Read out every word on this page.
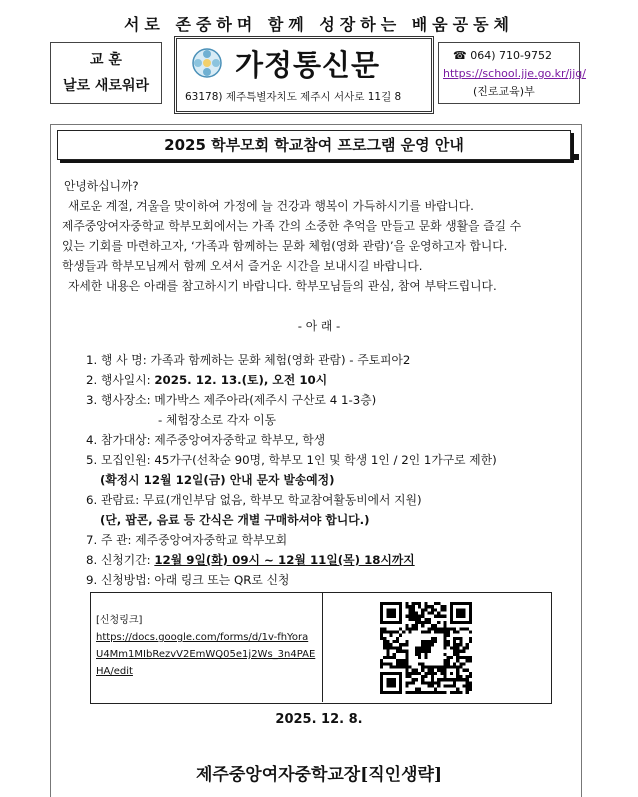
서로 존중하며 함께 성장하는 배움공동체
교 훈
날로 새로워라
가정통신문
63178) 제주특별자치도 제주시 서사로 11길 8
☎ 064) 710-9752
https://school.jje.go.kr/jjg/
(진로교육)부
2025 학부모회 학교참여 프로그램 운영 안내
안녕하십니까?
새로운 계절, 겨울을 맞이하여 가정에 늘 건강과 행복이 가득하시기를 바랍니다.
제주중앙여자중학교 학부모회에서는 가족 간의 소중한 추억을 만들고 문화 생활을 즐길 수
있는 기회를 마련하고자, ‘가족과 함께하는 문화 체험(영화 관람)’을 운영하고자 합니다.
학생들과 학부모님께서 함께 오셔서 즐거운 시간을 보내시길 바랍니다.
자세한 내용은 아래를 참고하시기 바랍니다. 학부모님들의 관심, 참여 부탁드립니다.
- 아 래 -
1. 행 사 명: 가족과 함께하는 문화 체험(영화 관람) - 주토피아2
2. 행사일시: 2025. 12. 13.(토), 오전 10시
3. 행사장소: 메가박스 제주아라(제주시 구산로 4 1-3층)
- 체험장소로 각자 이동
4. 참가대상: 제주중앙여자중학교 학부모, 학생
5. 모집인원: 45가구(선착순 90명, 학부모 1인 및 학생 1인 / 2인 1가구로 제한)
(확정시 12월 12일(금) 안내 문자 발송예정)
6. 관람료: 무료(개인부담 없음, 학부모 학교참여활동비에서 지원)
(단, 팝콘, 음료 등 간식은 개별 구매하셔야 합니다.)
7. 주 관: 제주중앙여자중학교 학부모회
8. 신청기간: 12월 9일(화) 09시 ~ 12월 11일(목) 18시까지
9. 신청방법: 아래 링크 또는 QR로 신청
[신청링크]
https://docs.google.com/forms/d/1v-fhYora
U4Mm1MIbRezvV2EmWQ05e1j2Ws_3n4PAE
HA/edit
2025. 12. 8.
제주중앙여자중학교장[직인생략]
